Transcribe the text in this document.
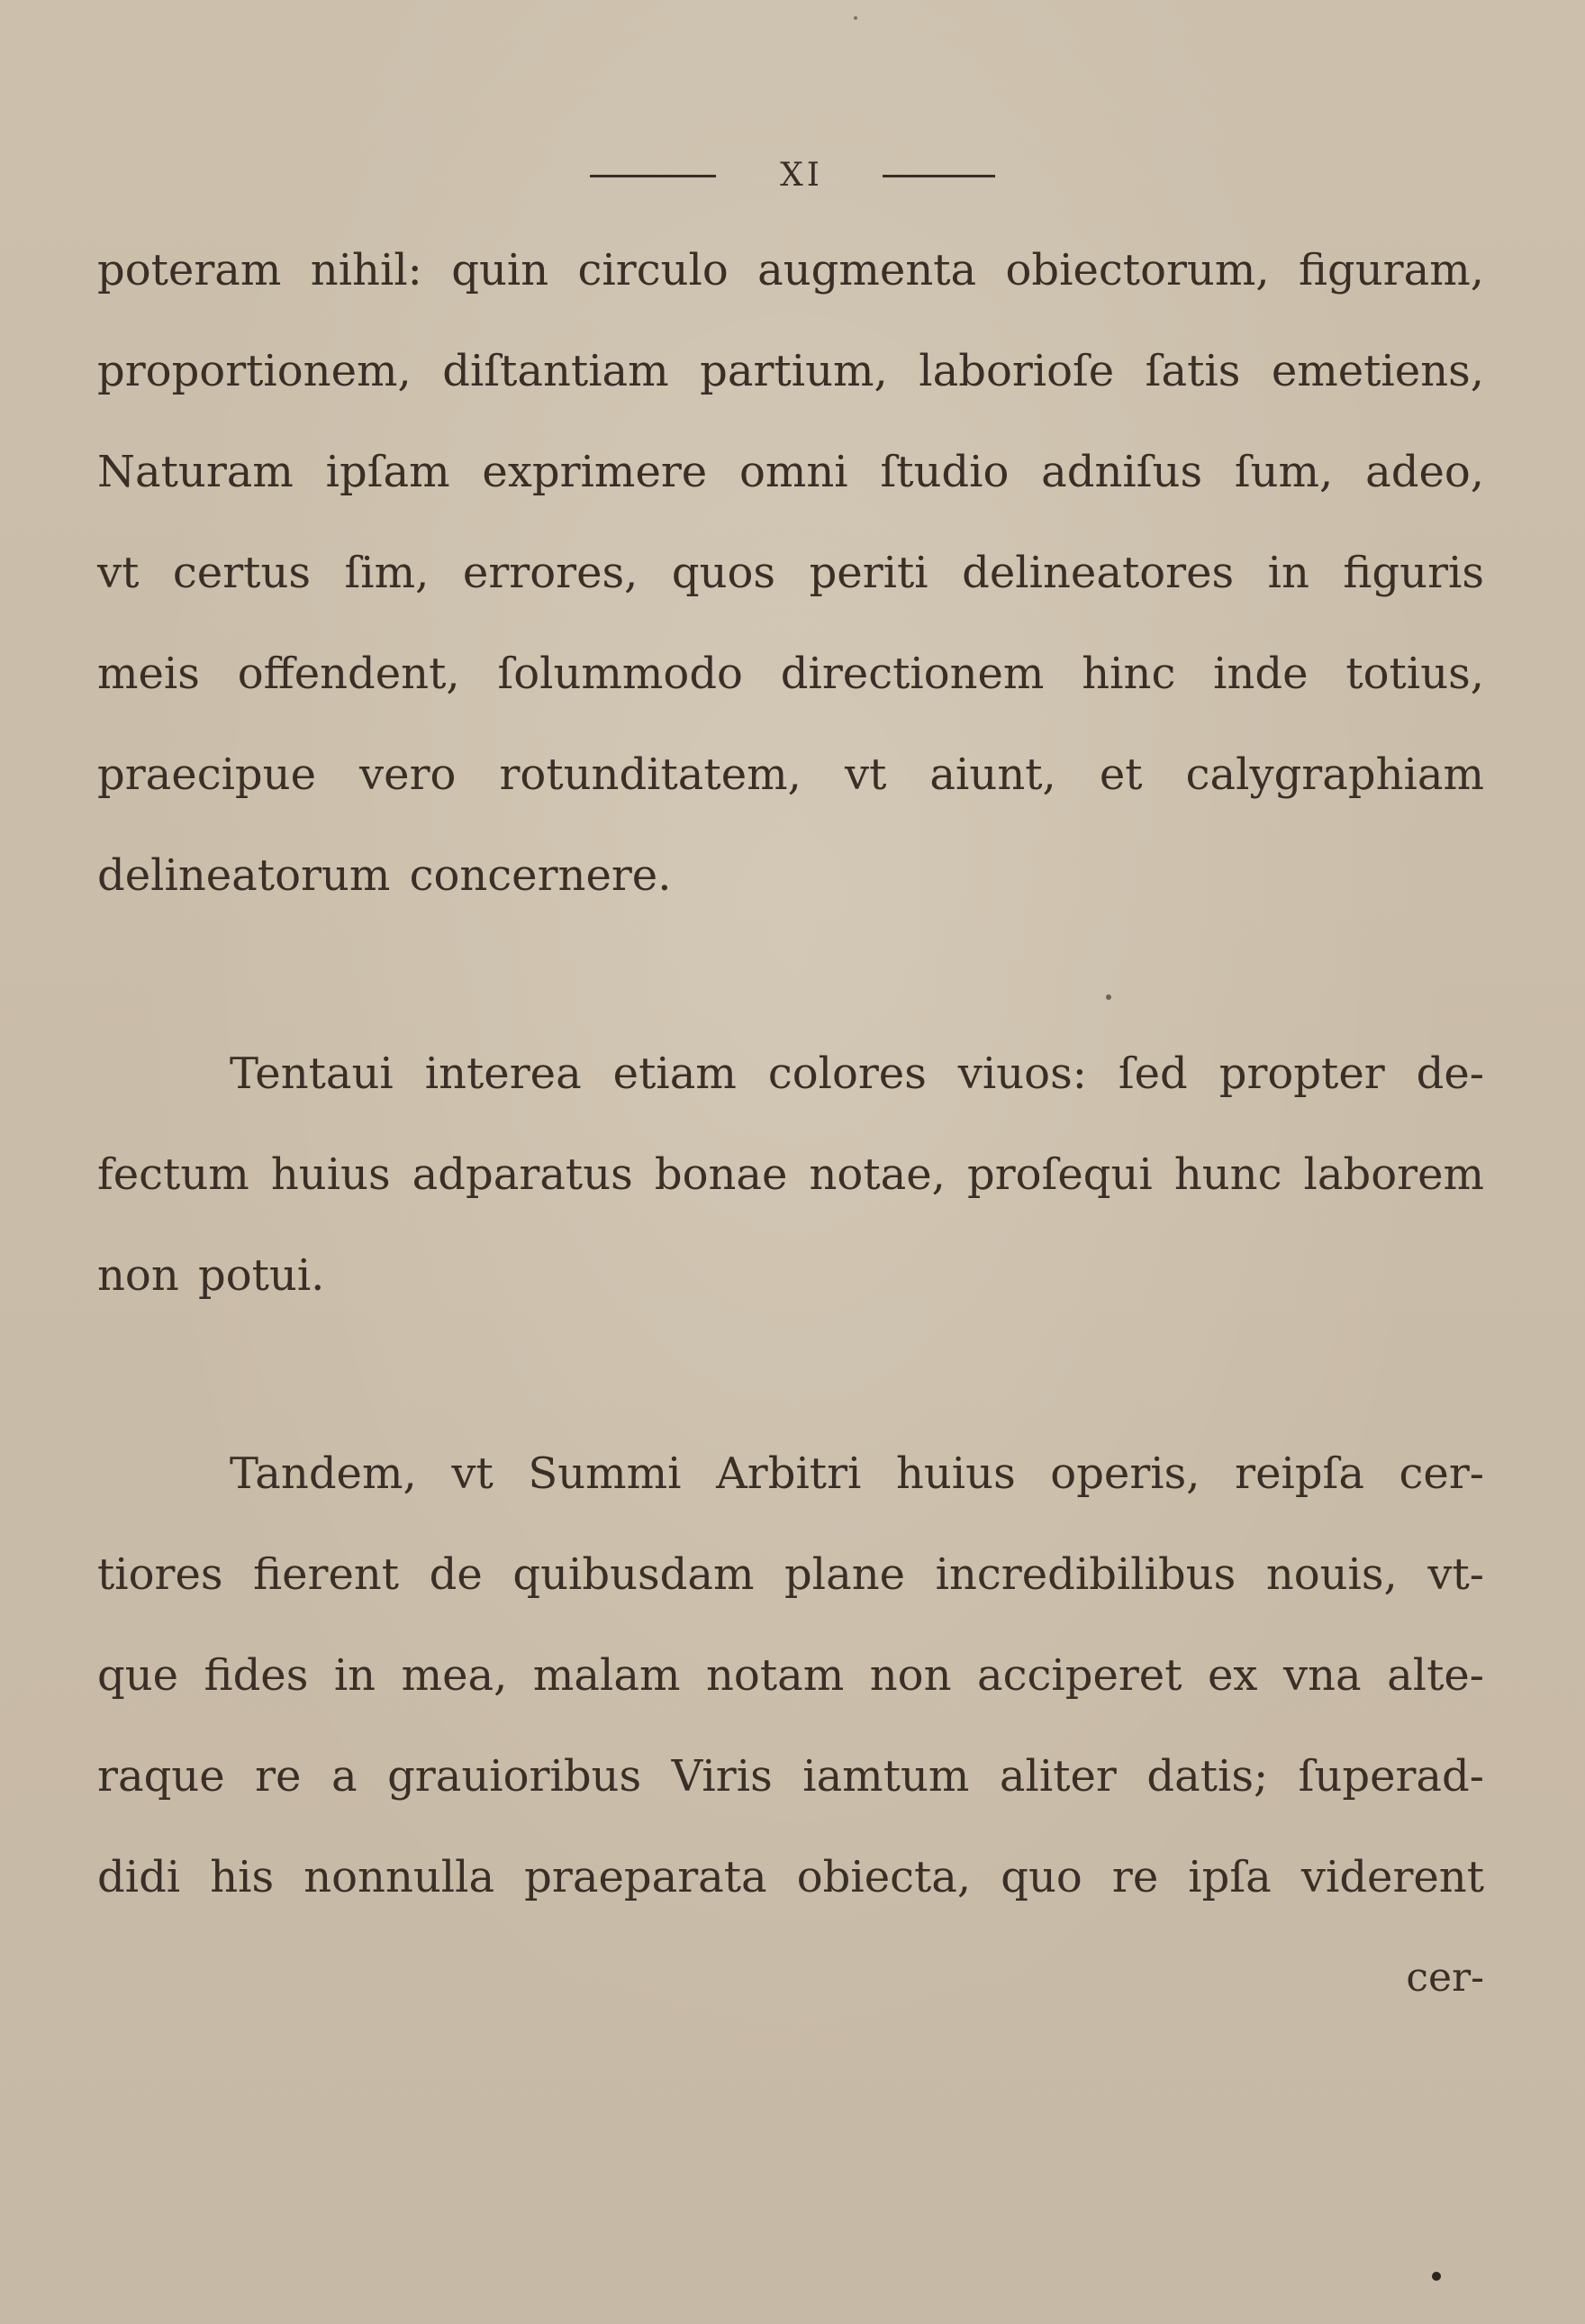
XI
poteram nihil: quin circulo augmenta obiectorum, figuram,
proportionem, diſtantiam partium, laborioſe ſatis emetiens,
Naturam ipſam exprimere omni ſtudio adniſus ſum, adeo,
vt certus ſim, errores, quos periti delineatores in figuris
meis offendent, ſolummodo directionem hinc inde totius,
praecipue vero rotunditatem, vt aiunt, et calygraphiam
delineatorum concernere.
Tentaui interea etiam colores viuos: ſed propter de-
fectum huius adparatus bonae notae, proſequi hunc laborem
non potui.
Tandem, vt Summi Arbitri huius operis, reipſa cer-
tiores fierent de quibusdam plane incredibilibus nouis, vt-
que fides in mea, malam notam non acciperet ex vna alte-
raque re a grauioribus Viris iamtum aliter datis; ſuperad-
didi his nonnulla praeparata obiecta, quo re ipſa viderent
cer-
